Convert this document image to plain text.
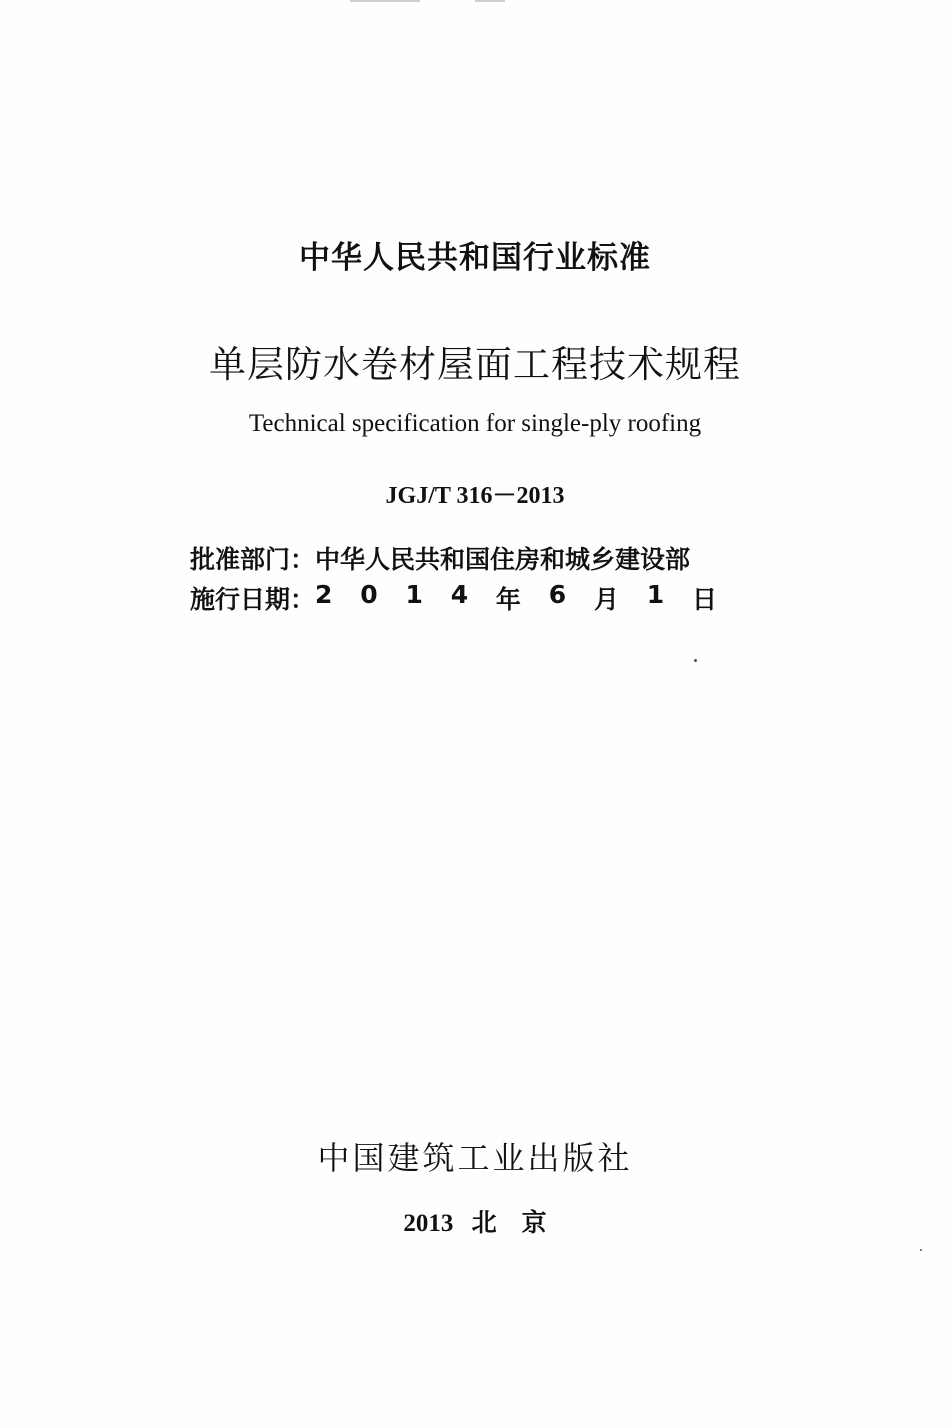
中华人民共和国行业标准
单层防水卷材屋面工程技术规程
Technical specification for single-ply roofing
JGJ/T 316－2013
批准部门：中华人民共和国住房和城乡建设部
施行日期： 2 0 1 4 年 6 月 1 日
中国建筑工业出版社
2013 北　京
